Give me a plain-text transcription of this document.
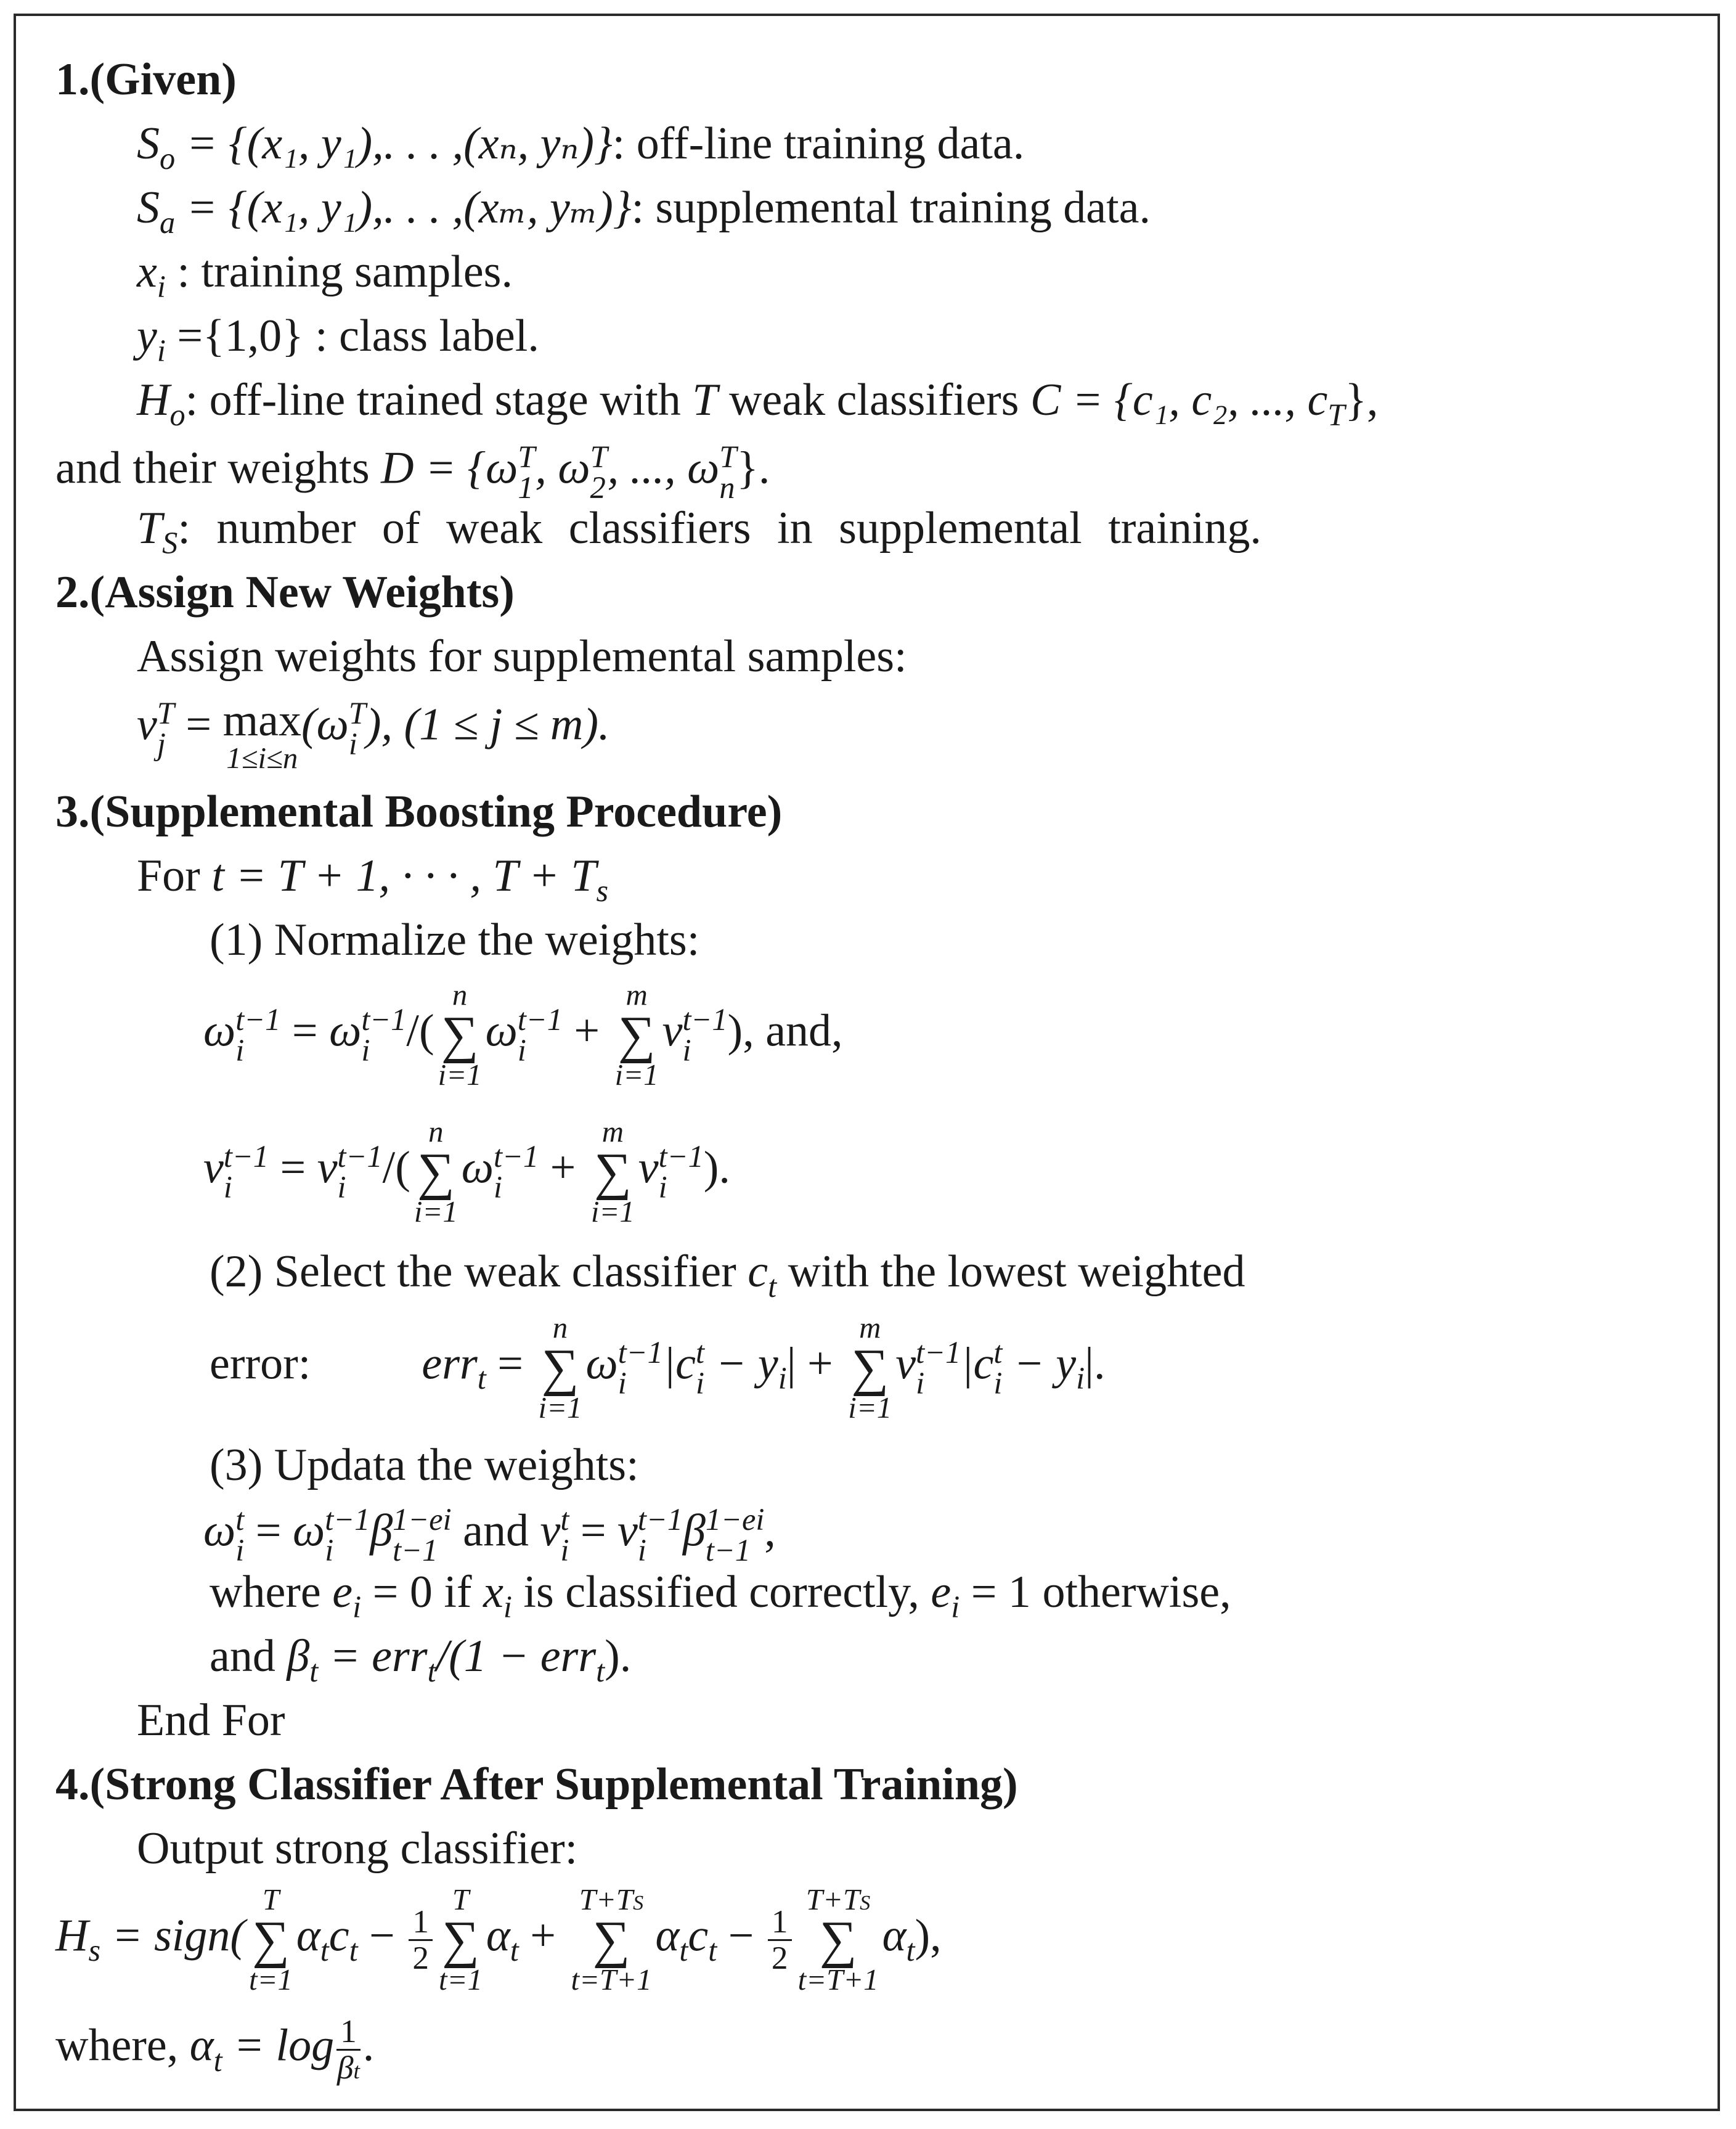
1.(Given)
$S_o = \{(x_1$, y₁),. . . ,(xₙ, yₙ)}: off-line training data.
$S_a = \{(x_1$, y₁),. . . ,(xₘ, yₘ)}: supplemental training data.
$x_i$ : training samples.
$y_i =\{1,0\}$ : class label.
$H_o$: off-line trained stage with T weak classifiers C = {c₁, c₂, ..., $c_T$},
and their weights D = {ω T
1 , ω T
2 , ..., ω T
n }.
$T_S$: number of weak classifiers in supplemental training.
2.(Assign New Weights)
Assign weights for supplemental samples:
ν T
j = max
1≤i≤n
(ω T
i ), (1 ≤ j ≤ m).
3.(Supplemental Boosting Procedure)
For t = T + 1, · · · , $T + T_s$
(1) Normalize the weights:
ω t−1
i = ω t−1
i /(
n
∑
i=1
ω t−1
i +
m
∑
i=1
ν t−1
i ), and,
ν t−1
i = ν t−1
i /(
n
∑
i=1
ω t−1
i +
m
∑
i=1
ν t−1
i ).
(2) Select the weak classifier $c_t$ with the lowest weighted
error: err$_t$ =
n
∑
i=1
ω t−1
i |c t
$i - y_i|$ +
m
∑
i=1
ν t−1
i |c t
$i - y_i|$.
(3) Updata the weights:
ω t
i = ω t−1
i β 1−ei
t−1 and ν t
i = ν t−1
i β 1−ei
t−1 ,
where $e_i = 0$ if $x_i$ is classified correctly, $e_i = 1$ otherwise,
and $\beta_t = err_t/(1 - err_t)$.
End For
4.(Strong Classifier After Supplemental Training)
Output strong classifier:
$H_s$ = sign(
T
∑
t=1
$\alpha_tc_t - \frac{1}{2}$
T
∑
t=1
$\alpha_t$ +
T+TS
∑
t=T+1
$\alpha_tc_t - \frac{1}{2}$
T+TS
∑
t=T+1
$\alpha_t$),
where, $\alpha_t = \log \frac{1}{\beta t}$ .
